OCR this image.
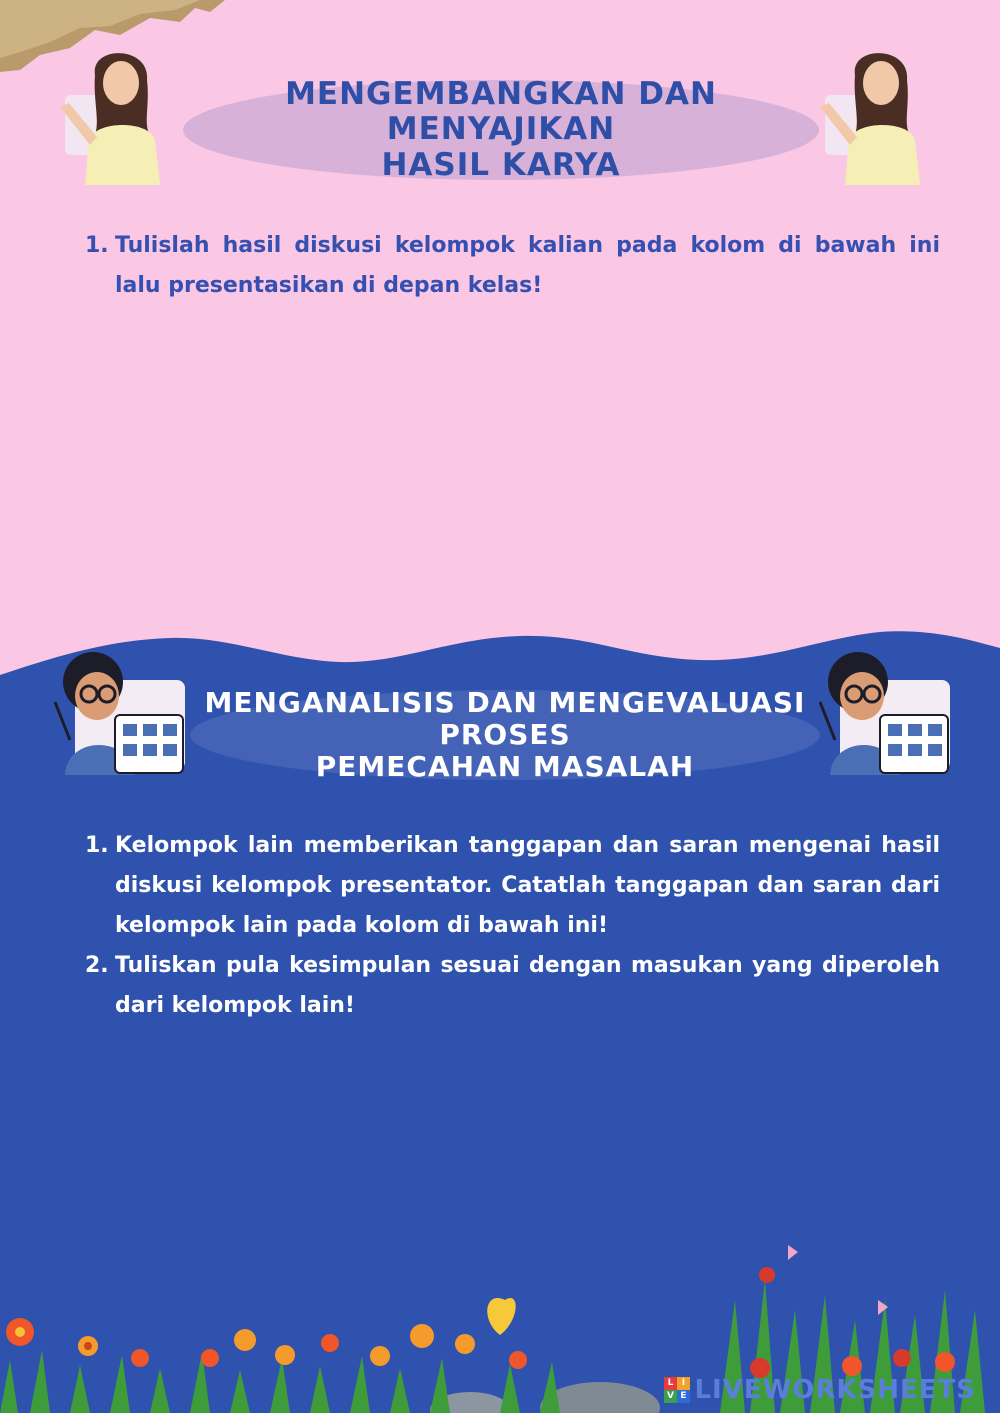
MENGEMBANGKAN DAN MENYAJIKAN
HASIL KARYA
1. Tulislah hasil diskusi kelompok kalian pada kolom di bawah ini lalu presentasikan di depan kelas!
MENGANALISIS DAN MENGEVALUASI PROSES
PEMECAHAN MASALAH
1. Kelompok lain memberikan tanggapan dan saran mengenai hasil diskusi kelompok presentator. Catatlah tanggapan dan saran dari kelompok lain pada kolom di bawah ini!
2. Tuliskan pula kesimpulan sesuai dengan masukan yang diperoleh dari kelompok lain!
L I
V E LIVEWORKSHEETS
